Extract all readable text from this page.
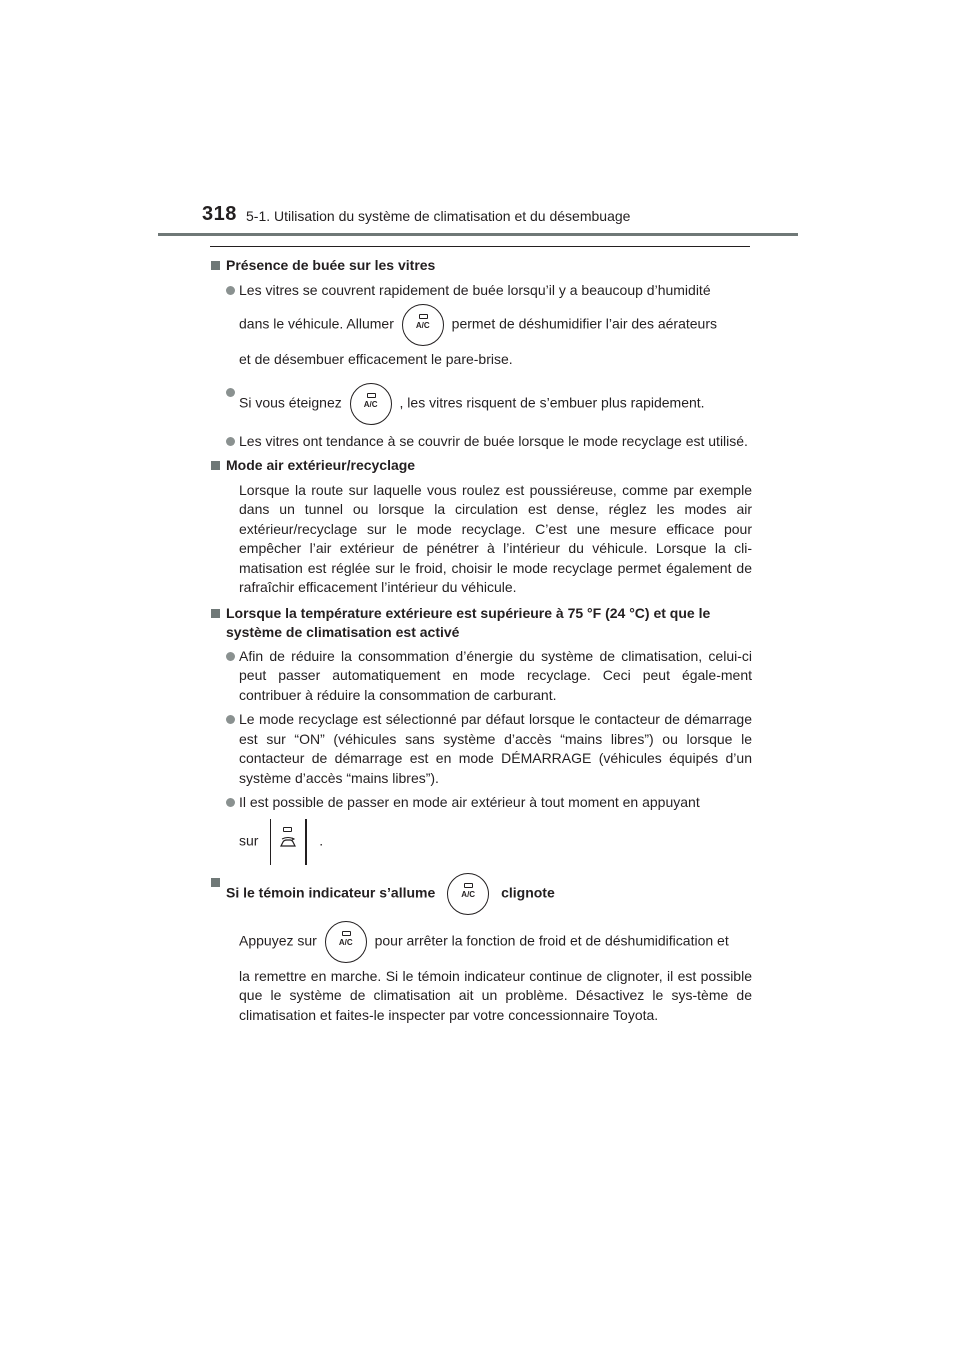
318 5-1. Utilisation du système de climatisation et du désembuage
Présence de buée sur les vitres
Les vitres se couvrent rapidement de buée lorsqu’il y a beaucoup d’humidité
dans le véhicule. Allumer	A/C	permet de déshumidifier l’air des aérateurs
et de désembuer efficacement le pare-brise.
Si vous éteignez	A/C	, les vitres risquent de s’embuer plus rapidement.
Les vitres ont tendance à se couvrir de buée lorsque le mode recyclage est utilisé.
Mode air extérieur/recyclage
Lorsque la route sur laquelle vous roulez est poussiéreuse, comme par exemple dans un tunnel ou lorsque la circulation est dense, réglez les modes air extérieur/recyclage sur le mode recyclage. C’est une mesure efficace pour empêcher l’air extérieur de pénétrer à l’intérieur du véhicule. Lorsque la cli-matisation est réglée sur le froid, choisir le mode recyclage permet également de rafraîchir efficacement l’intérieur du véhicule.
Lorsque la température extérieure est supérieure à 75 °F (24 °C) et que le système de climatisation est activé
Afin de réduire la consommation d’énergie du système de climatisation, celui-ci peut passer automatiquement en mode recyclage. Ceci peut égale-ment contribuer à réduire la consommation de carburant.
Le mode recyclage est sélectionné par défaut lorsque le contacteur de démarrage est sur “ON” (véhicules sans système d’accès “mains libres”) ou lorsque le contacteur de démarrage est en mode DÉMARRAGE (véhicules équipés d’un système d’accès “mains libres”).
Il est possible de passer en mode air extérieur à tout moment en appuyant
sur	.
Si le témoin indicateur s’allume	A/C	clignote
Appuyez sur	A/C	pour arrêter la fonction de froid et de déshumidification et
la remettre en marche. Si le témoin indicateur continue de clignoter, il est possible que le système de climatisation ait un problème. Désactivez le sys-tème de climatisation et faites-le inspecter par votre concessionnaire Toyota.
